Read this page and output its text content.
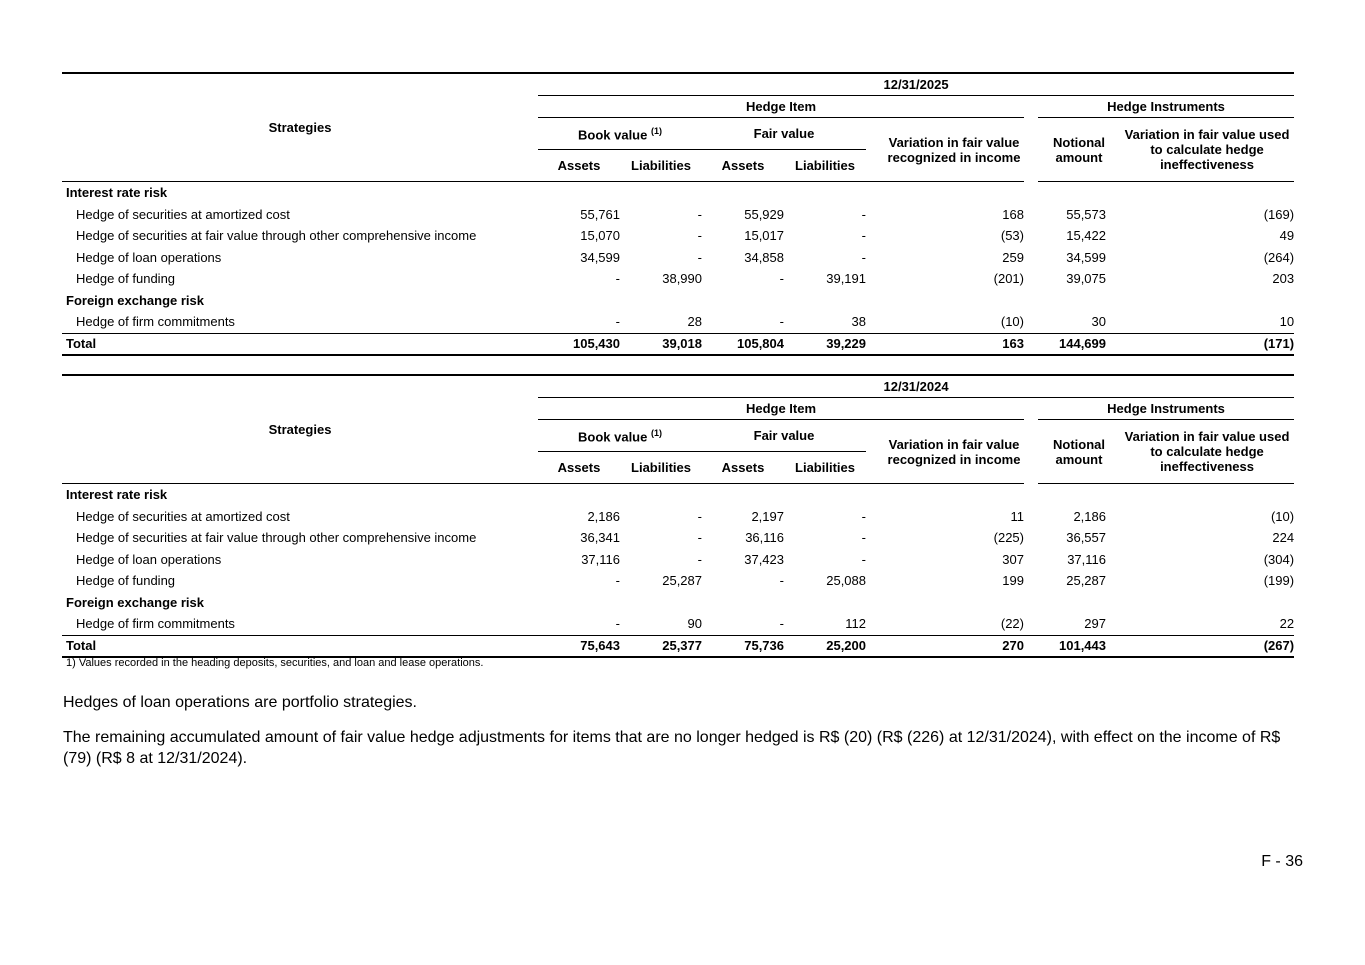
Strategies	12/31/2025									
	Hedge Item							Hedge Instruments		
	Book value $^{(1)}$		Fair value			Variation in fair value recognized in income		Notional amount		Variation in fair value used to calculate hedge ineffectiveness
	Assets	Liabilities	Assets	Liabilities						
Interest rate risk										
Hedge of securities at amortized cost	55,761	-	55,929	-		168		55,573		(169)
Hedge of securities at fair value through other comprehensive income	15,070	-	15,017	-		(53)		15,422		49
Hedge of loan operations	34,599	-	34,858	-		259		34,599		(264)
Hedge of funding	-	38,990	-	39,191		(201)		39,075		203
Foreign exchange risk										
Hedge of firm commitments	-	28	-	38		(10)		30		10
Total	105,430	39,018	105,804	39,229		163		144,699		(171)
Strategies	12/31/2024									
	Hedge Item							Hedge Instruments		
	Book value $^{(1)}$		Fair value			Variation in fair value recognized in income		Notional amount		Variation in fair value used to calculate hedge ineffectiveness
	Assets	Liabilities	Assets	Liabilities						
Interest rate risk										
Hedge of securities at amortized cost	2,186	-	2,197	-		11		2,186		(10)
Hedge of securities at fair value through other comprehensive income	36,341	-	36,116	-		(225)		36,557		224
Hedge of loan operations	37,116	-	37,423	-		307		37,116		(304)
Hedge of funding	-	25,287	-	25,088		199		25,287		(199)
Foreign exchange risk										
Hedge of firm commitments	-	90	-	112		(22)		297		22
Total	75,643	25,377	75,736	25,200		270		101,443		(267)
1) Values recorded in the heading deposits, securities, and loan and lease operations.
Hedges of loan operations are portfolio strategies.
The remaining accumulated amount of fair value hedge adjustments for items that are no longer hedged is R$ (20) (R$ (226) at 12/31/2024), with effect on the income of R$ (79) (R$ 8 at 12/31/2024).
F - 36
